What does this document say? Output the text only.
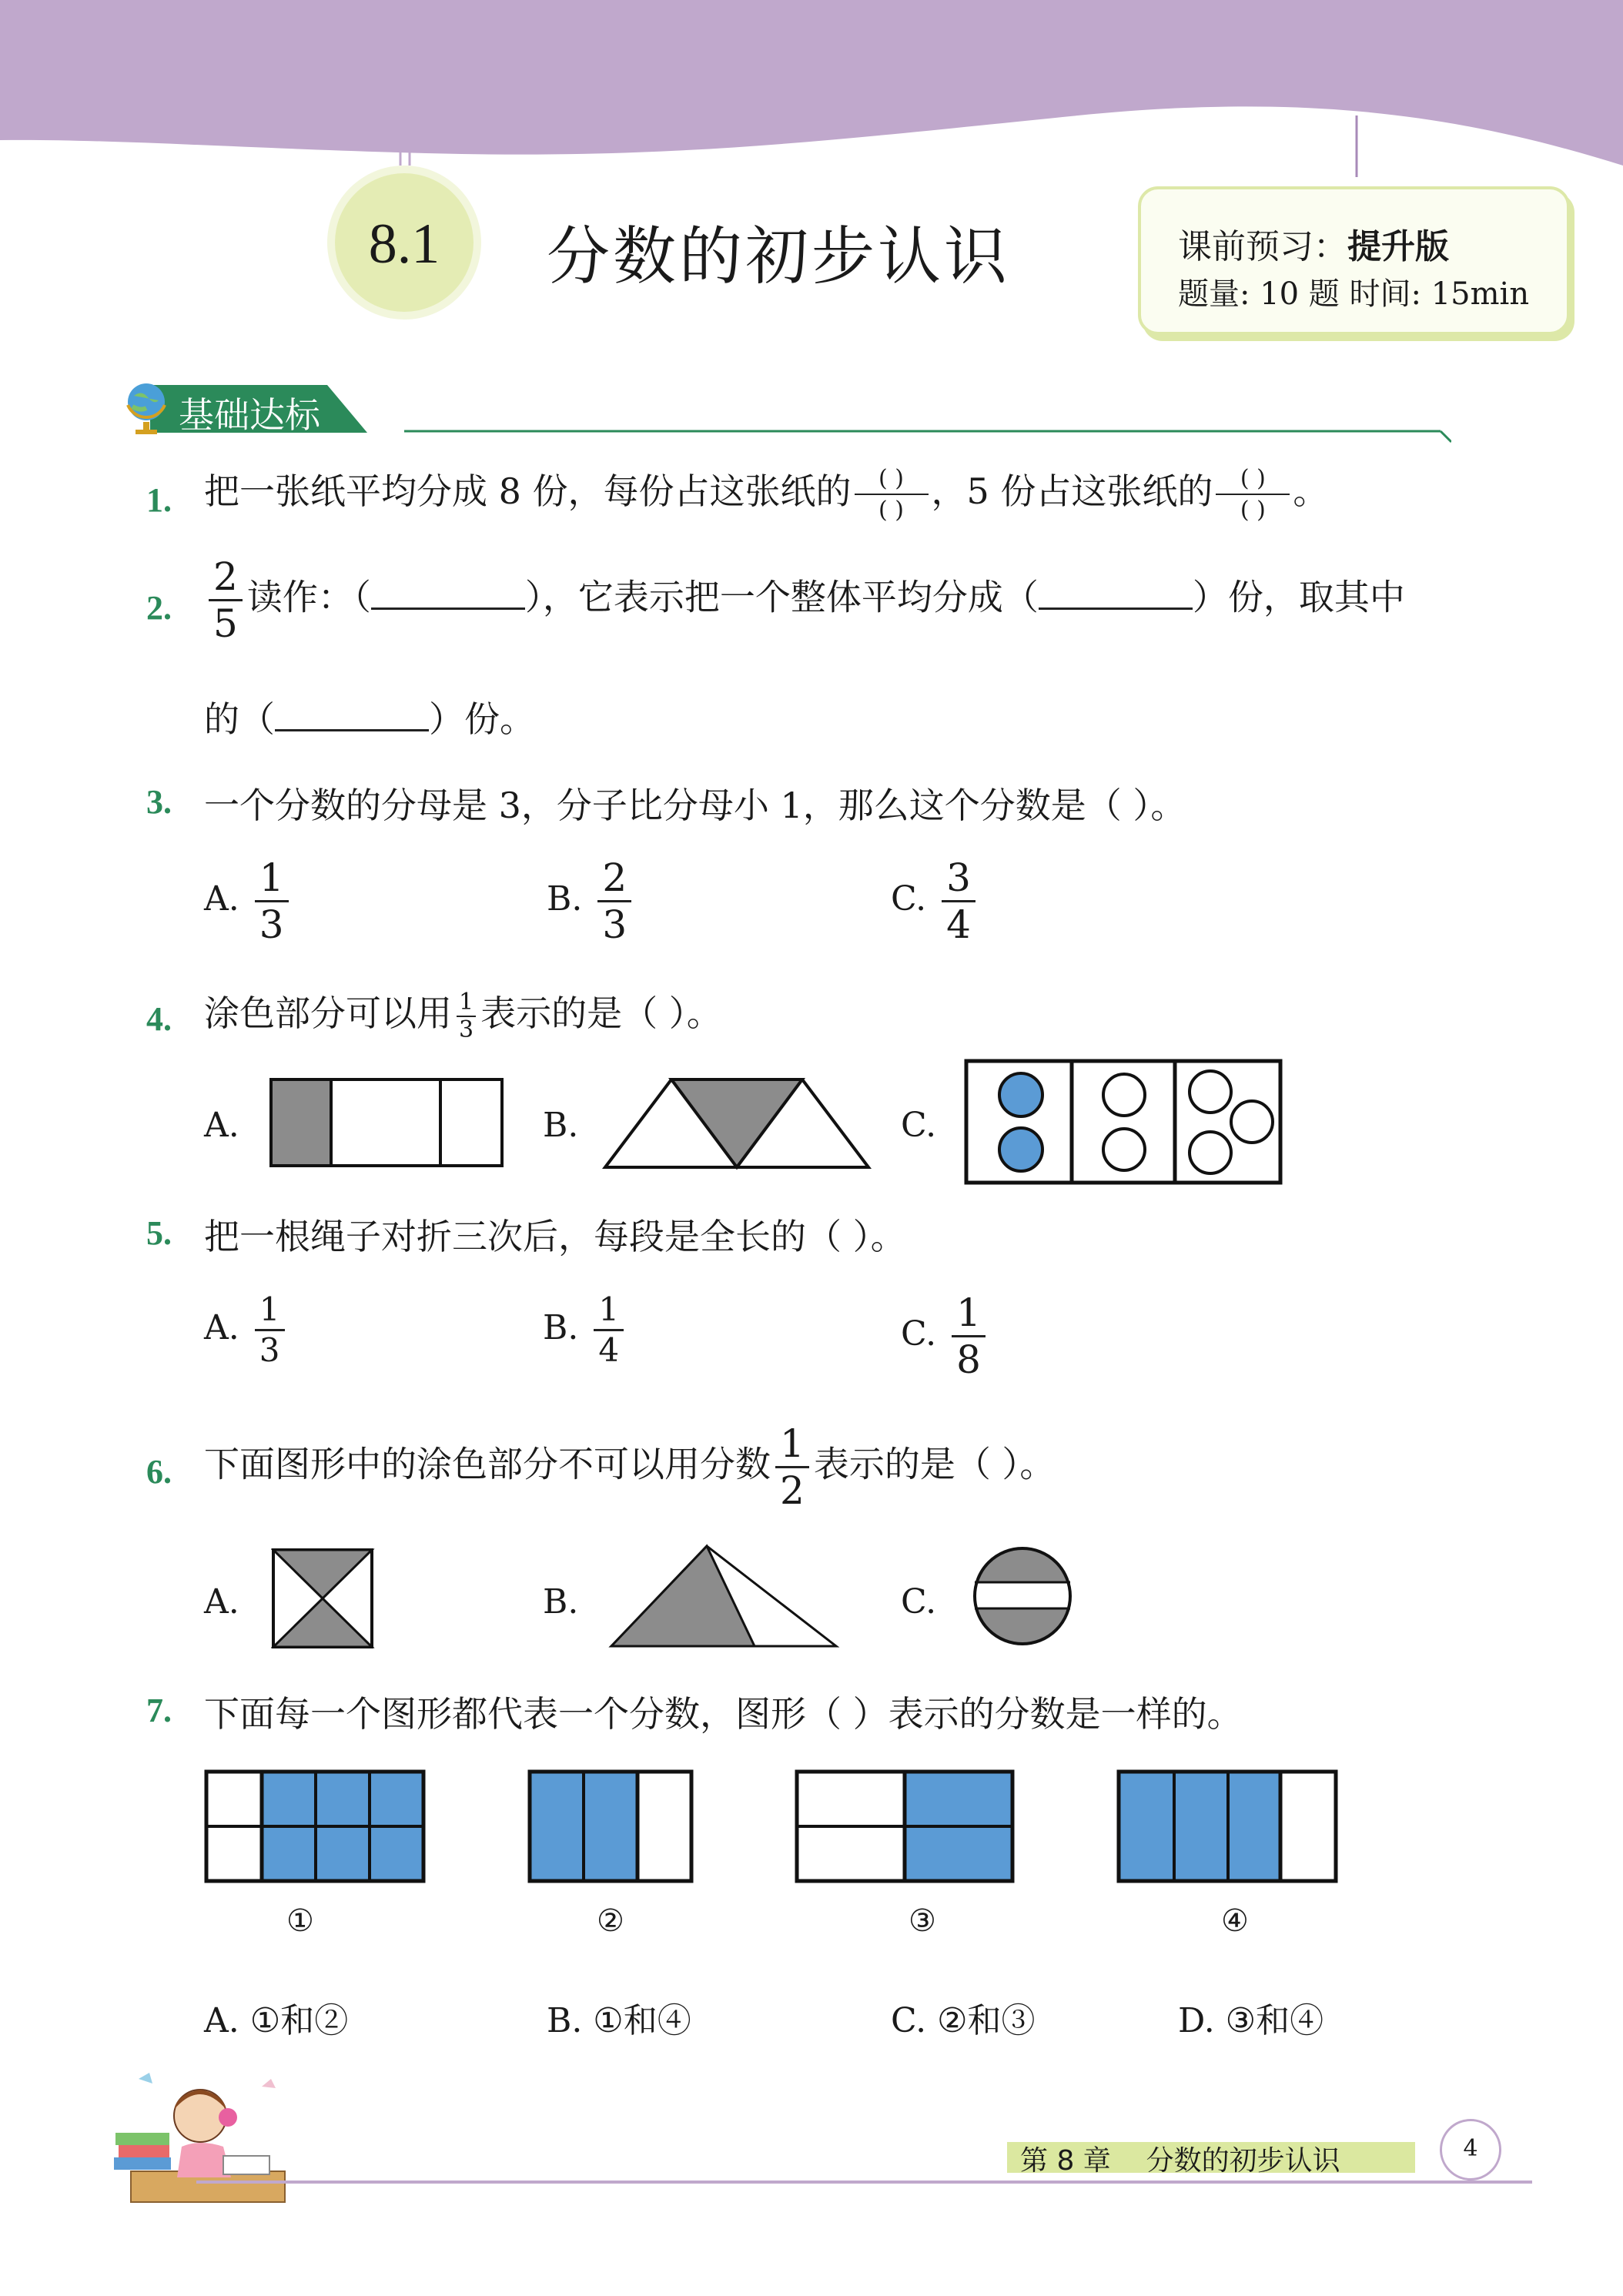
8.1	分数的初步认识	课前预习：提升版
题量: 10 题 时间: 15min
基础达标
1. 把一张纸平均分成 8 份，每份占这张纸的	( )
( ) ，5 份占这张纸的	( )
( ) 。
2. $\frac{2}{5}$ 读作：（	），它表示把一个整体平均分成（	）份，取其中
的（	）份。
3. 一个分数的分母是 3，分子比分母小 1，那么这个分数是（ ）。
A. $\frac{1}{3}$	B. $\frac{2}{3}$	C. $\frac{3}{4}$
4. 涂色部分可以用 $\frac{1}{3}$ 表示的是（ ）。
A.	B.	C.
5. 把一根绳子对折三次后，每段是全长的（ ）。
A. $\frac{1}{3}$	B. $\frac{1}{4}$	C. $\frac{1}{8}$
6. 下面图形中的涂色部分不可以用分数 $\frac{1}{2}$ 表示的是（ ）。
A.	B.	C.
7. 下面每一个图形都代表一个分数，图形（ ）表示的分数是一样的。
①	②	③	④
A. ①和②	B. ①和④	C. ②和③	D. ③和④
第 8 章    分数的初步认识	4
